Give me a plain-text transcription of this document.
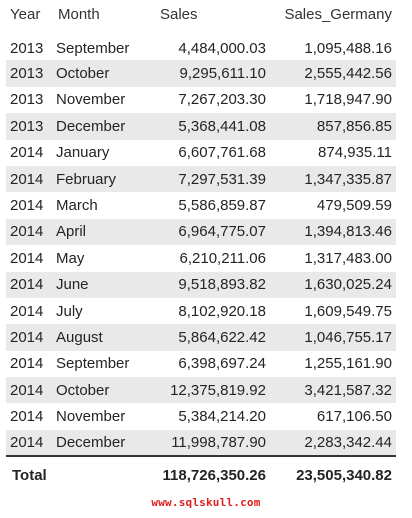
Year	Month	Sales	Sales_Germany
2013	September	4,484,000.03	1,095,488.16
2013	October	9,295,611.10	2,555,442.56
2013	November	7,267,203.30	1,718,947.90
2013	December	5,368,441.08	857,856.85
2014	January	6,607,761.68	874,935.11
2014	February	7,297,531.39	1,347,335.87
2014	March	5,586,859.87	479,509.59
2014	April	6,964,775.07	1,394,813.46
2014	May	6,210,211.06	1,317,483.00
2014	June	9,518,893.82	1,630,025.24
2014	July	8,102,920.18	1,609,549.75
2014	August	5,864,622.42	1,046,755.17
2014	September	6,398,697.24	1,255,161.90
2014	October	12,375,819.92	3,421,587.32
2014	November	5,384,214.20	617,106.50
2014	December	11,998,787.90	2,283,342.44
Total		118,726,350.26	23,505,340.82
www.sqlskull.com
